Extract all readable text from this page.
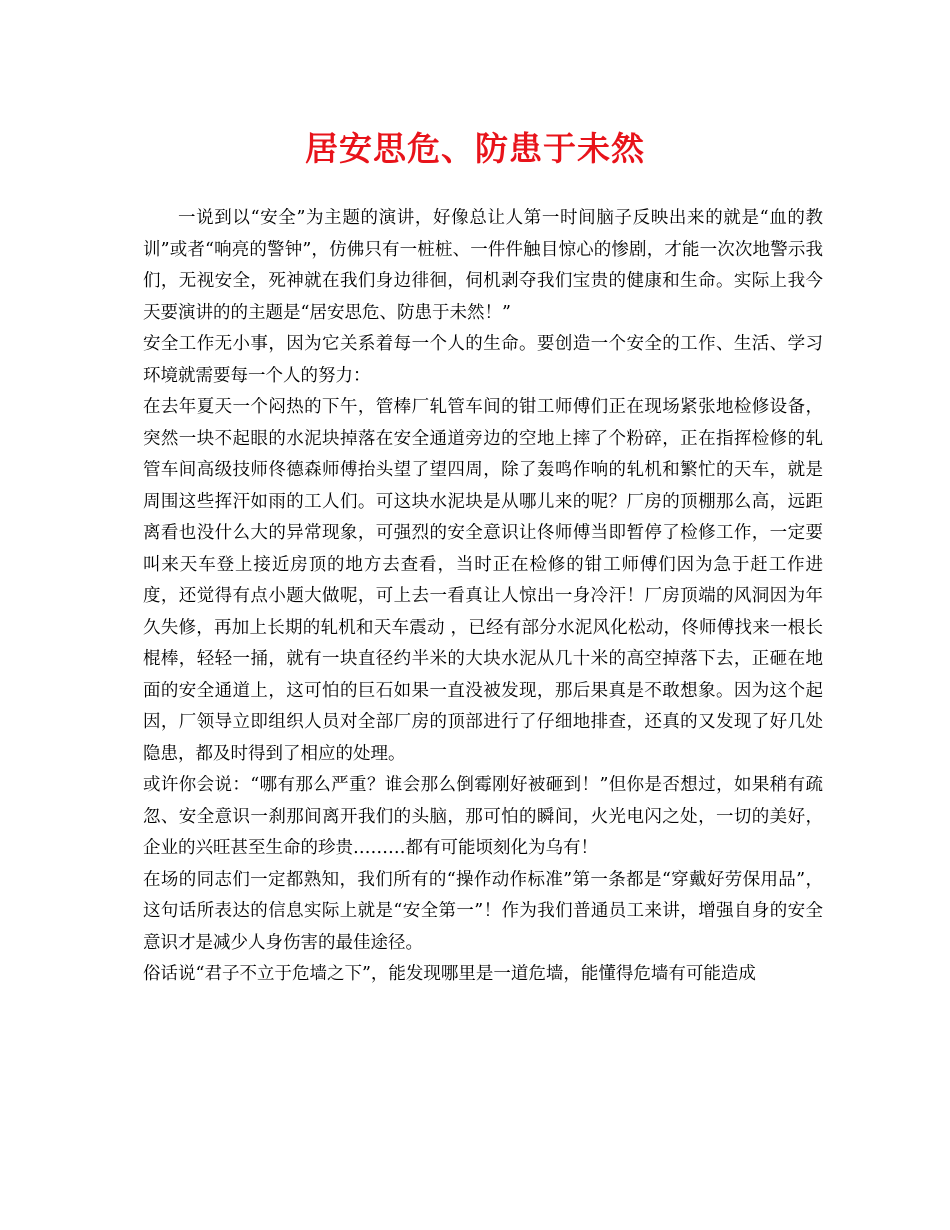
居安思危、防患于未然

一说到以“安全”为主题的演讲，好像总让人第一时间脑子反映出来的就是“血的教训”或者“响亮的警钟”，仿佛只有一桩桩、一件件触目惊心的惨剧，才能一次次地警示我们，无视安全，死神就在我们身边徘徊，伺机剥夺我们宝贵的健康和生命。实际上我今天要演讲的的主题是“居安思危、防患于未然！”

安全工作无小事，因为它关系着每一个人的生命。要创造一个安全的工作、生活、学习环境就需要每一个人的努力：

在去年夏天一个闷热的下午，管棒厂轧管车间的钳工师傅们正在现场紧张地检修设备，突然一块不起眼的水泥块掉落在安全通道旁边的空地上摔了个粉碎，正在指挥检修的轧管车间高级技师佟德森师傅抬头望了望四周，除了轰鸣作响的轧机和繁忙的天车，就是周围这些挥汗如雨的工人们。可这块水泥块是从哪儿来的呢？厂房的顶棚那么高，远距离看也没什么大的异常现象，可强烈的安全意识让佟师傅当即暂停了检修工作，一定要叫来天车登上接近房顶的地方去查看，当时正在检修的钳工师傅们因为急于赶工作进度，还觉得有点小题大做呢，可上去一看真让人惊出一身冷汗！厂房顶端的风洞因为年久失修，再加上长期的轧机和天车震动 ，已经有部分水泥风化松动，佟师傅找来一根长棍棒，轻轻一捅，就有一块直径约半米的大块水泥从几十米的高空掉落下去，正砸在地面的安全通道上，这可怕的巨石如果一直没被发现，那后果真是不敢想象。因为这个起因，厂领导立即组织人员对全部厂房的顶部进行了仔细地排查，还真的又发现了好几处隐患，都及时得到了相应的处理。

或许你会说：“哪有那么严重？谁会那么倒霉刚好被砸到！”但你是否想过，如果稍有疏忽、安全意识一刹那间离开我们的头脑，那可怕的瞬间，火光电闪之处，一切的美好，企业的兴旺甚至生命的珍贵………都有可能顷刻化为乌有！

在场的同志们一定都熟知，我们所有的“操作动作标准”第一条都是“穿戴好劳保用品”，这句话所表达的信息实际上就是“安全第一”！作为我们普通员工来讲，增强自身的安全意识才是减少人身伤害的最佳途径。

俗话说“君子不立于危墙之下”，能发现哪里是一道危墙，能懂得危墙有可能造成
